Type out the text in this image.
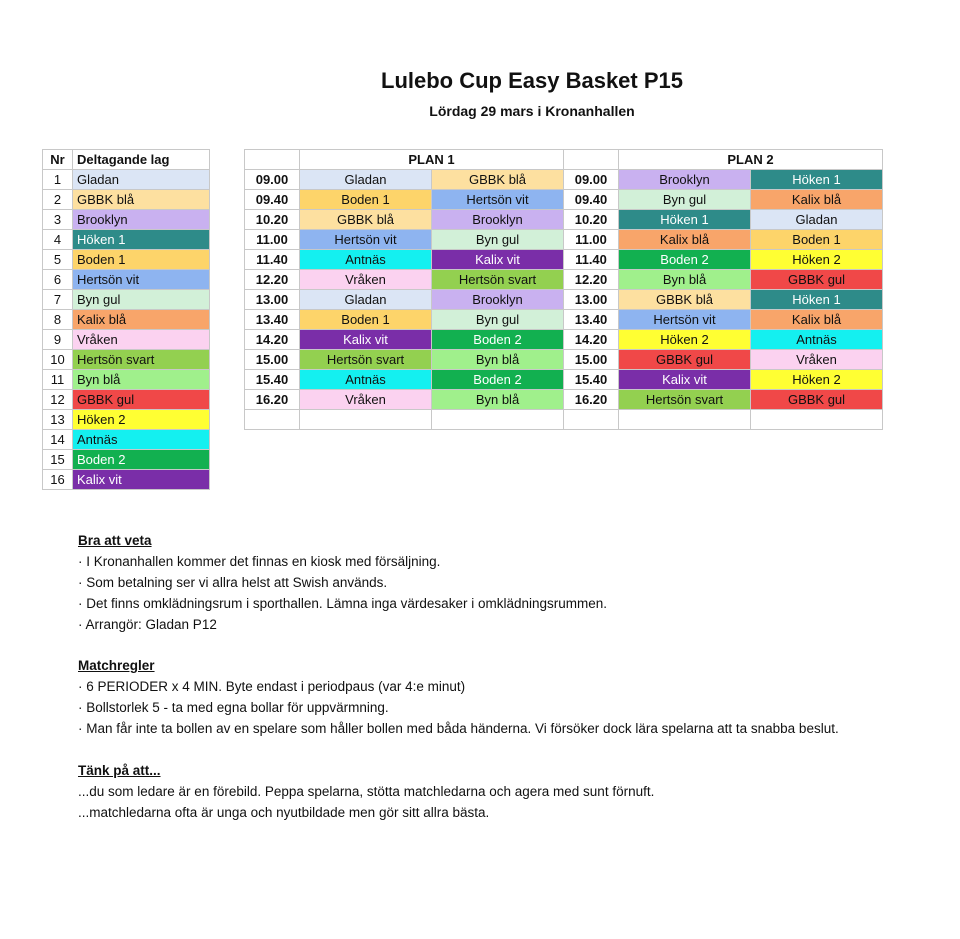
Lulebo Cup Easy Basket P15
Lördag 29 mars i Kronanhallen
Nr	Deltagande lag
1	Gladan
2	GBBK blå
3	Brooklyn
4	Höken 1
5	Boden 1
6	Hertsön vit
7	Byn gul
8	Kalix blå
9	Vråken
10	Hertsön svart
11	Byn blå
12	GBBK gul
13	Höken 2
14	Antnäs
15	Boden 2
16	Kalix vit
	PLAN 1			PLAN 2	
09.00	Gladan	GBBK blå	09.00	Brooklyn	Höken 1
09.40	Boden 1	Hertsön vit	09.40	Byn gul	Kalix blå
10.20	GBBK blå	Brooklyn	10.20	Höken 1	Gladan
11.00	Hertsön vit	Byn gul	11.00	Kalix blå	Boden 1
11.40	Antnäs	Kalix vit	11.40	Boden 2	Höken 2
12.20	Vråken	Hertsön svart	12.20	Byn blå	GBBK gul
13.00	Gladan	Brooklyn	13.00	GBBK blå	Höken 1
13.40	Boden 1	Byn gul	13.40	Hertsön vit	Kalix blå
14.20	Kalix vit	Boden 2	14.20	Höken 2	Antnäs
15.00	Hertsön svart	Byn blå	15.00	GBBK gul	Vråken
15.40	Antnäs	Boden 2	15.40	Kalix vit	Höken 2
16.20	Vråken	Byn blå	16.20	Hertsön svart	GBBK gul

Bra att veta
· I Kronanhallen kommer det finnas en kiosk med försäljning.
· Som betalning ser vi allra helst att Swish används.
· Det finns omklädningsrum i sporthallen. Lämna inga värdesaker i omklädningsrummen.
· Arrangör: Gladan P12
Matchregler
· 6 PERIODER x 4 MIN. Byte endast i periodpaus (var 4:e minut)
· Bollstorlek 5 - ta med egna bollar för uppvärmning.
· Man får inte ta bollen av en spelare som håller bollen med båda händerna. Vi försöker dock lära spelarna att ta snabba beslut.
Tänk på att...
...du som ledare är en förebild. Peppa spelarna, stötta matchledarna och agera med sunt förnuft.
...matchledarna ofta är unga och nyutbildade men gör sitt allra bästa.
